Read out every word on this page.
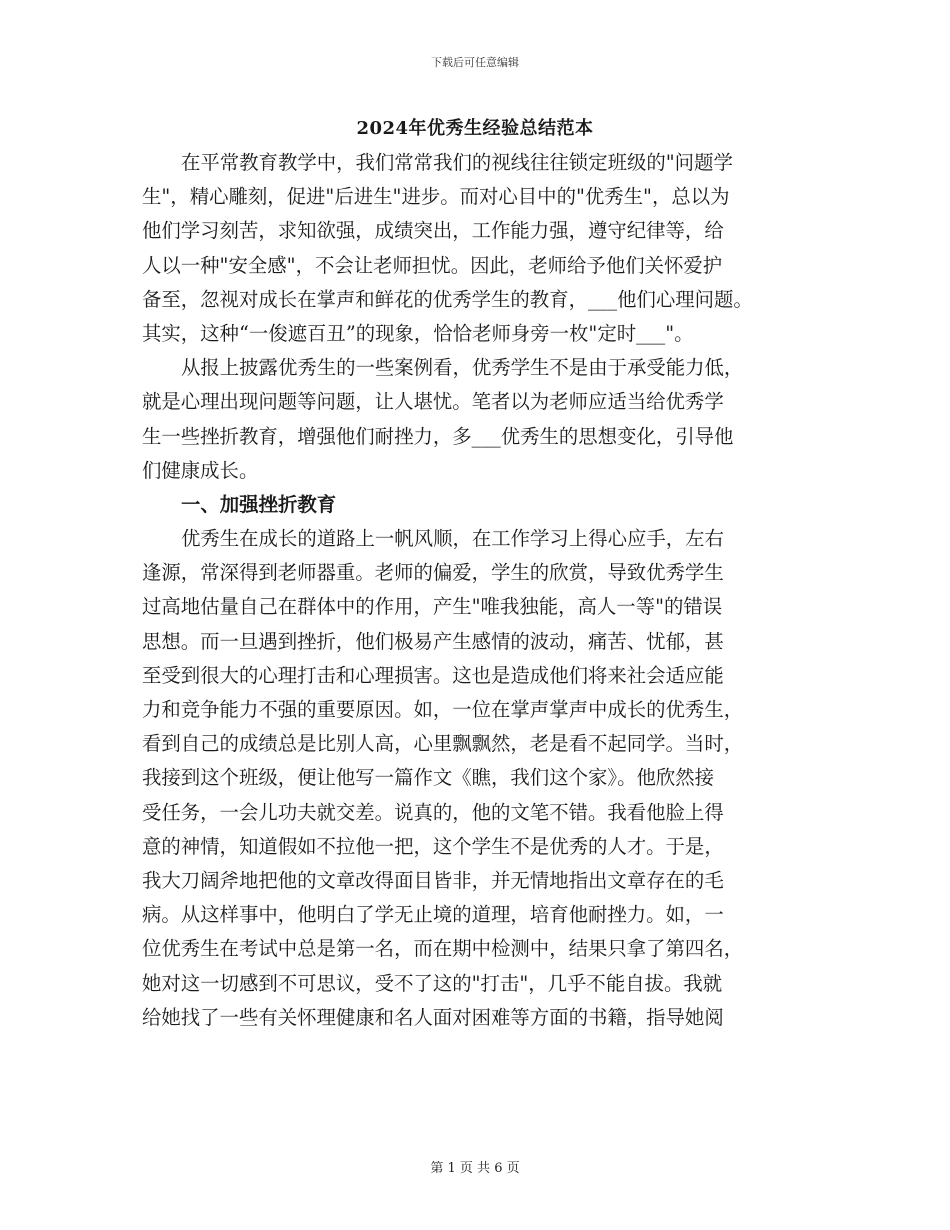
下载后可任意编辑
2024年优秀生经验总结范本
在平常教育教学中，我们常常我们的视线往往锁定班级的"问题学
生"，精心雕刻，促进"后进生"进步。而对心目中的"优秀生"，总以为
他们学习刻苦，求知欲强，成绩突出，工作能力强，遵守纪律等，给
人以一种"安全感"，不会让老师担忧。因此，老师给予他们关怀爱护
备至，忽视对成长在掌声和鲜花的优秀学生的教育，___他们心理问题。
其实，这种“一俊遮百丑”的现象，恰恰老师身旁一枚"定时___"。
从报上披露优秀生的一些案例看，优秀学生不是由于承受能力低，
就是心理出现问题等问题，让人堪忧。笔者以为老师应适当给优秀学
生一些挫折教育，增强他们耐挫力，多___优秀生的思想变化，引导他
们健康成长。
一、加强挫折教育
优秀生在成长的道路上一帆风顺，在工作学习上得心应手，左右
逢源，常深得到老师器重。老师的偏爱，学生的欣赏，导致优秀学生
过高地估量自己在群体中的作用，产生"唯我独能，高人一等"的错误
思想。而一旦遇到挫折，他们极易产生感情的波动，痛苦、忧郁，甚
至受到很大的心理打击和心理损害。这也是造成他们将来社会适应能
力和竞争能力不强的重要原因。如，一位在掌声掌声中成长的优秀生，
看到自己的成绩总是比别人高，心里飘飘然，老是看不起同学。当时，
我接到这个班级，便让他写一篇作文《瞧，我们这个家》。他欣然接
受任务，一会儿功夫就交差。说真的，他的文笔不错。我看他脸上得
意的神情，知道假如不拉他一把，这个学生不是优秀的人才。于是，
我大刀阔斧地把他的文章改得面目皆非，并无情地指出文章存在的毛
病。从这样事中，他明白了学无止境的道理，培育他耐挫力。如，一
位优秀生在考试中总是第一名，而在期中检测中，结果只拿了第四名，
她对这一切感到不可思议，受不了这的"打击"，几乎不能自拔。我就
给她找了一些有关怀理健康和名人面对困难等方面的书籍，指导她阅
第 1 页 共 6 页
